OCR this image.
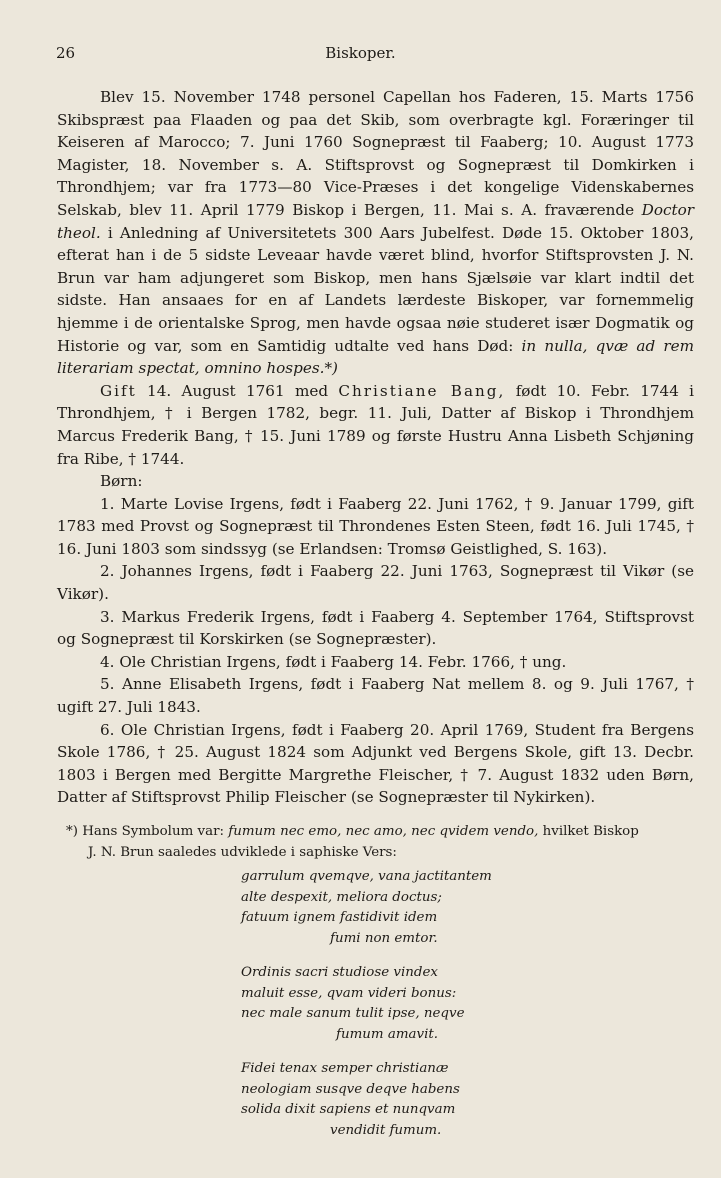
26	Biskoper.

Blev 15. November 1748 personel Capellan hos Faderen, 15. Marts 1756 Skibspræst paa Flaaden og paa det Skib, som overbragte kgl. Foræringer til Keiseren af Marocco; 7. Juni 1760 Sognepræst til Faaberg; 10. August 1773 Magister, 18. November s. A. Stiftsprovst og Sognepræst til Domkirken i Throndhjem; var fra 1773—80 Vice-Præses i det kongelige Videnskabernes Selskab, blev 11. April 1779 Biskop i Bergen, 11. Mai s. A. fraværende Doctor theol. i Anledning af Universitetets 300 Aars Jubelfest. Døde 15. Oktober 1803, efterat han i de 5 sidste Leveaar havde været blind, hvorfor Stiftsprovsten J. N. Brun var ham adjungeret som Biskop, men hans Sjælsøie var klart indtil det sidste. Han ansaaes for en af Landets lærdeste Biskoper, var fornemmelig hjemme i de orientalske Sprog, men havde ogsaa nøie studeret især Dogmatik og Historie og var, som en Samtidig udtalte ved hans Død: in nulla, qvæ ad rem literariam spectat, omnino hospes.*)

Gift 14. August 1761 med Christiane Bang, født 10. Febr. 1744 i Throndhjem, † i Bergen 1782, begr. 11. Juli, Datter af Biskop i Throndhjem Marcus Frederik Bang, † 15. Juni 1789 og første Hustru Anna Lisbeth Schjøning fra Ribe, † 1744.

Børn:

1. Marte Lovise Irgens, født i Faaberg 22. Juni 1762, † 9. Januar 1799, gift 1783 med Provst og Sognepræst til Throndenes Esten Steen, født 16. Juli 1745, † 16. Juni 1803 som sindssyg (se Erlandsen: Tromsø Geistlighed, S. 163).

2. Johannes Irgens, født i Faaberg 22. Juni 1763, Sognepræst til Vikør (se Vikør).

3. Markus Frederik Irgens, født i Faaberg 4. September 1764, Stiftsprovst og Sognepræst til Korskirken (se Sognepræster).

4. Ole Christian Irgens, født i Faaberg 14. Febr. 1766, † ung.

5. Anne Elisabeth Irgens, født i Faaberg Nat mellem 8. og 9. Juli 1767, † ugift 27. Juli 1843.

6. Ole Christian Irgens, født i Faaberg 20. April 1769, Student fra Bergens Skole 1786, † 25. August 1824 som Adjunkt ved Bergens Skole, gift 13. Decbr. 1803 i Bergen med Bergitte Margrethe Fleischer, † 7. August 1832 uden Børn, Datter af Stiftsprovst Philip Fleischer (se Sognepræster til Nykirken).

*) Hans Symbolum var: fumum nec emo, nec amo, nec qvidem vendo, hvilket Biskop

J. N. Brun saaledes udviklede i saphiske Vers:

garrulum qvemqve, vana jactitantem
alte despexit, meliora doctus;
fatuum ignem fastidivit idem
fumi non emtor.
Ordinis sacri studiose vindex
maluit esse, qvam videri bonus:
nec male sanum tulit ipse, neqve
fumum amavit.
Fidei tenax semper christianæ
neologiam susqve deqve habens
solida dixit sapiens et nunqvam
vendidit fumum.
